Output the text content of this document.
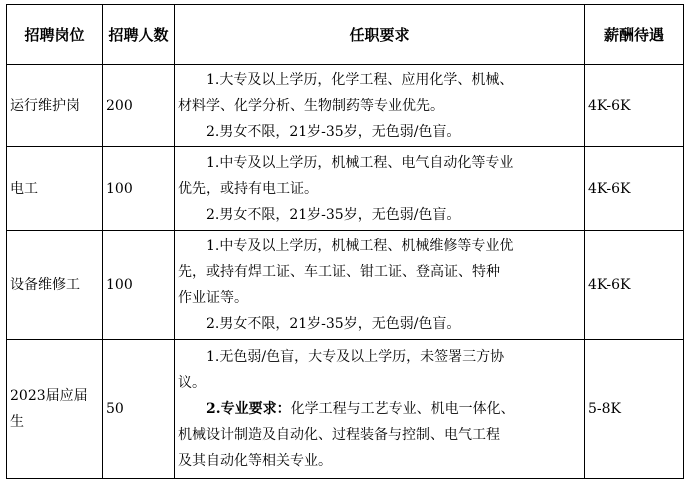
招聘岗位	招聘人数	任职要求	薪酬待遇
运行维护岗	200	1.大专及以上学历，化学工程、应用化学、机械、
材料学、化学分析、生物制药等专业优先。
2.男女不限，21岁-35岁，无色弱/色盲。	4K-6K
电工	100	1.中专及以上学历，机械工程、电气自动化等专业
优先，或持有电工证。
2.男女不限，21岁-35岁，无色弱/色盲。	4K-6K
设备维修工	100	1.中专及以上学历，机械工程、机械维修等专业优
先，或持有焊工证、车工证、钳工证、登高证、特种
作业证等。
2.男女不限，21岁-35岁，无色弱/色盲。	4K-6K
2023届应届生	50	1.无色弱/色盲，大专及以上学历，未签署三方协
议。
2.专业要求：化学工程与工艺专业、机电一体化、
机械设计制造及自动化、过程装备与控制、电气工程
及其自动化等相关专业。	5-8K
